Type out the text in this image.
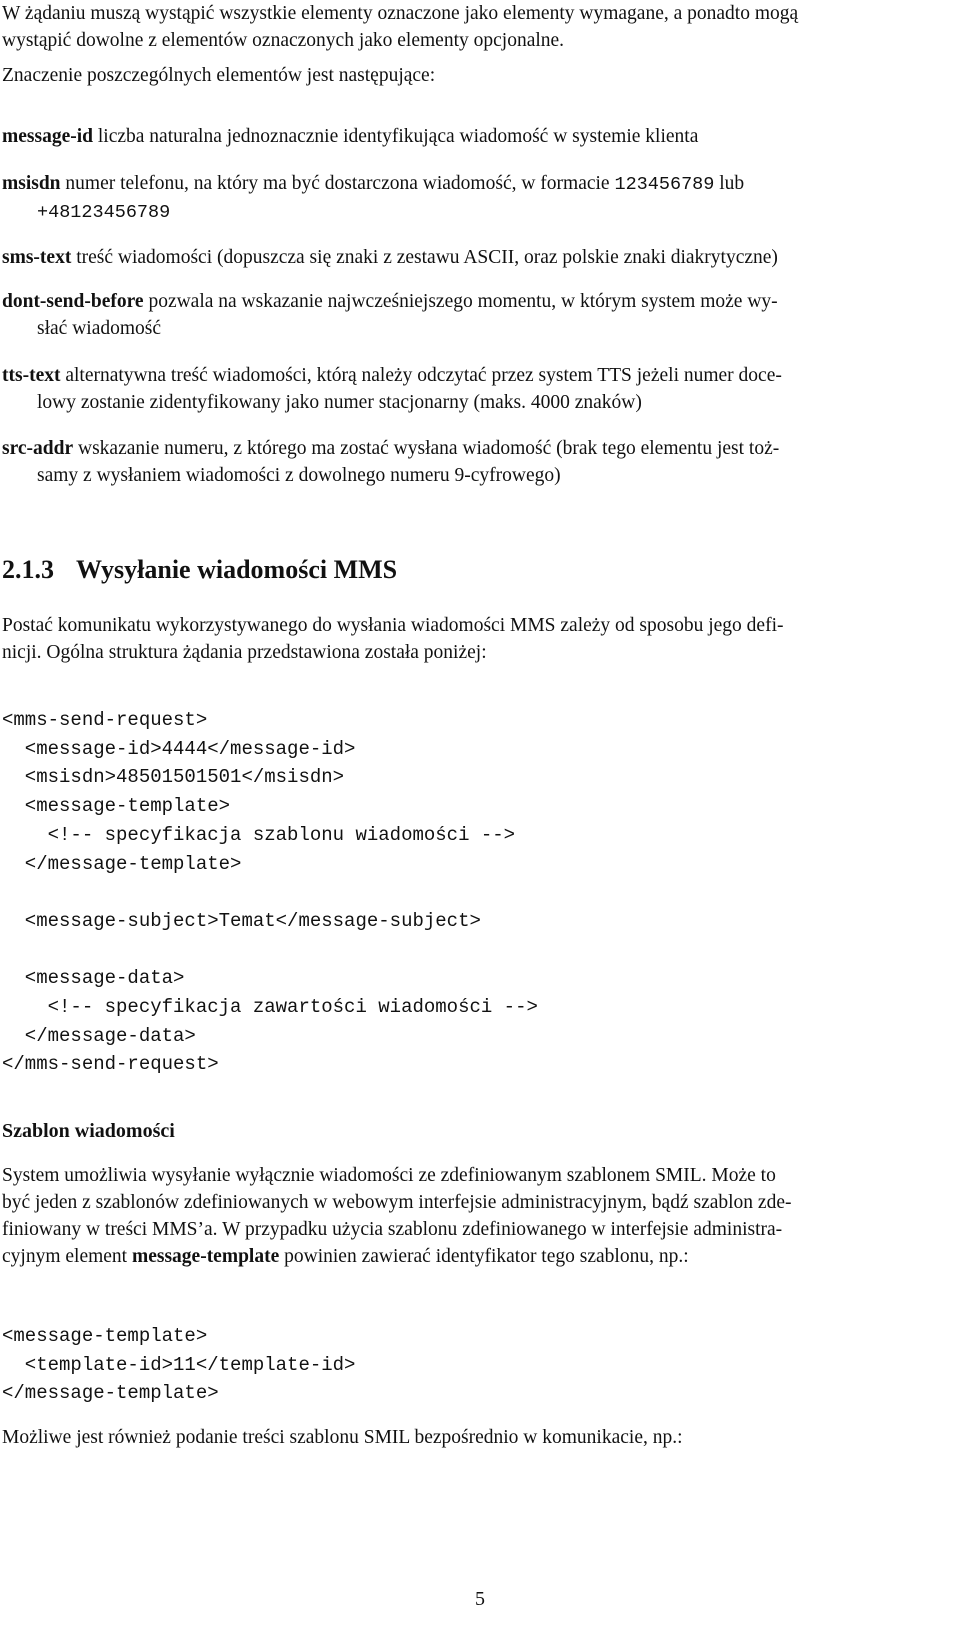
W żądaniu muszą wystąpić wszystkie elementy oznaczone jako elementy wymagane, a ponadto mogą

wystąpić dowolne z elementów oznaczonych jako elementy opcjonalne.

Znaczenie poszczególnych elementów jest następujące:

message-id liczba naturalna jednoznacznie identyfikująca wiadomość w systemie klienta
msisdn numer telefonu, na który ma być dostarczona wiadomość, w formacie 123456789 lub
+48123456789
sms-text treść wiadomości (dopuszcza się znaki z zestawu ASCII, oraz polskie znaki diakrytyczne)
dont-send-before pozwala na wskazanie najwcześniejszego momentu, w którym system może wy-
słać wiadomość
tts-text alternatywna treść wiadomości, którą należy odczytać przez system TTS jeżeli numer doce-
lowy zostanie zidentyfikowany jako numer stacjonarny (maks. 4000 znaków)
src-addr wskazanie numeru, z którego ma zostać wysłana wiadomość (brak tego elementu jest toż-
samy z wysłaniem wiadomości z dowolnego numeru 9-cyfrowego)
2.1.3 Wysyłanie wiadomości MMS

Postać komunikatu wykorzystywanego do wysłania wiadomości MMS zależy od sposobu jego defi-

nicji. Ogólna struktura żądania przedstawiona została poniżej:

<mms-send-request>
<message-id>4444</message-id>
<msisdn>48501501501</msisdn>
<message-template>
<!-- specyfikacja szablonu wiadomości -->
</message-template>

<message-subject>Temat</message-subject>

<message-data>
<!-- specyfikacja zawartości wiadomości -->
</message-data>
</mms-send-request>
Szablon wiadomości

System umożliwia wysyłanie wyłącznie wiadomości ze zdefiniowanym szablonem SMIL. Może to

być jeden z szablonów zdefiniowanych w webowym interfejsie administracyjnym, bądź szablon zde-

finiowany w treści MMS’a. W przypadku użycia szablonu zdefiniowanego w interfejsie administra-

cyjnym element message-template powinien zawierać identyfikator tego szablonu, np.:

<message-template>
<template-id>11</template-id>
</message-template>

Możliwe jest również podanie treści szablonu SMIL bezpośrednio w komunikacie, np.:

5
